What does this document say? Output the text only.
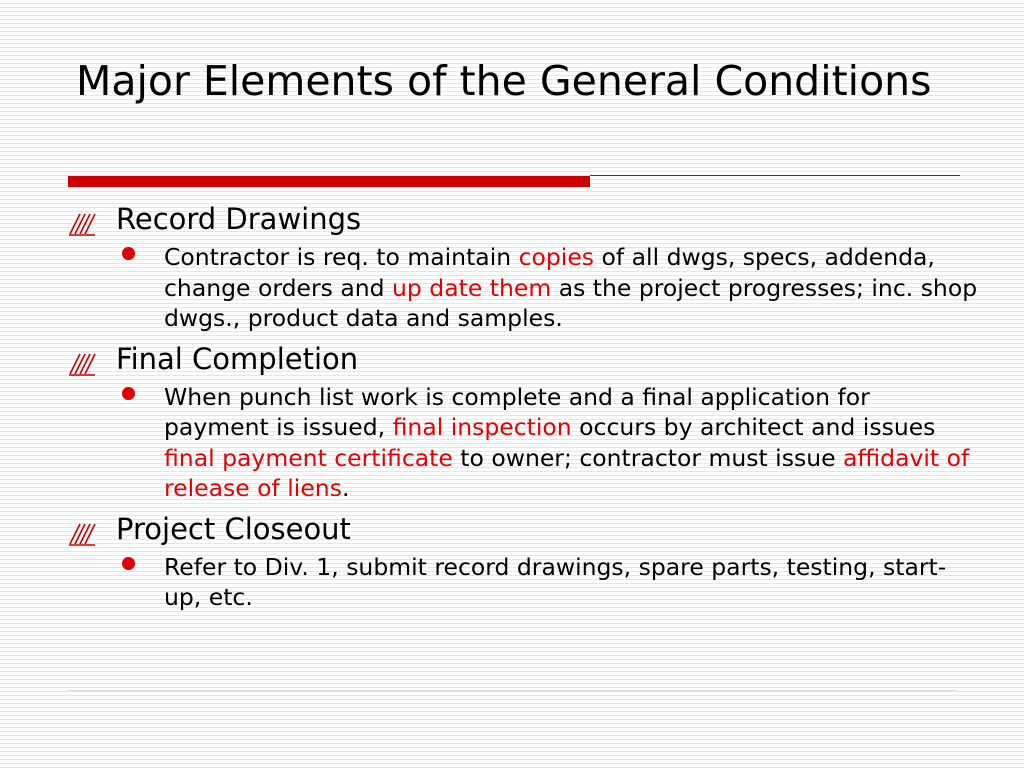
Major Elements of the General Conditions
Record Drawings
Contractor is req. to maintain copies of all dwgs, specs, addenda, change orders and up date them as the project progresses; inc. shop dwgs., product data and samples.
Final Completion
When punch list work is complete and a final application for payment is issued, final inspection occurs by architect and issues final payment certificate to owner; contractor must issue affidavit of release of liens.
Project Closeout
Refer to Div. 1, submit record drawings, spare parts, testing, start-up, etc.
